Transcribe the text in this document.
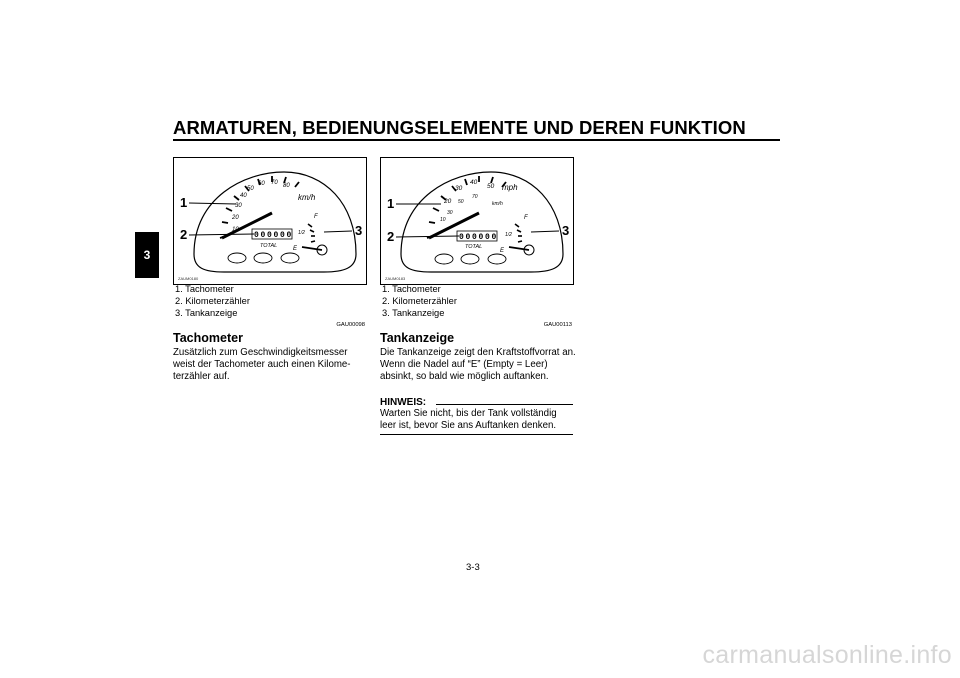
ARMATUREN, BEDIENUNGSELEMENTE UND DEREN FUNKTION
3
10
20
30
40
50
60 70 80
km/h
0 0 0 0 0 0
TOTAL
F
1/2
E
1
2	3
ZAUM0180
20
30
40
50 mph
10
30
50
70
km/h
0 0 0 0 0 0
TOTAL
F
1/2
E
1
2	3
ZAUM0183
1. Tachometer
2. Kilometerzähler
3. Tankanzeige
GAU00098
Tachometer
Zusätzlich zum Geschwindigkeitsmesser weist der Tachometer auch einen Kilome-terzähler auf.
1. Tachometer
2. Kilometerzähler
3. Tankanzeige
GAU00113
Tankanzeige
Die Tankanzeige zeigt den Kraftstoffvorrat an. Wenn die Nadel auf “E” (Empty = Leer) absinkt, so bald wie möglich auftanken.
HINWEIS:
Warten Sie nicht, bis der Tank vollständig leer ist, bevor Sie ans Auftanken denken.
3-3
carmanualsonline.info
